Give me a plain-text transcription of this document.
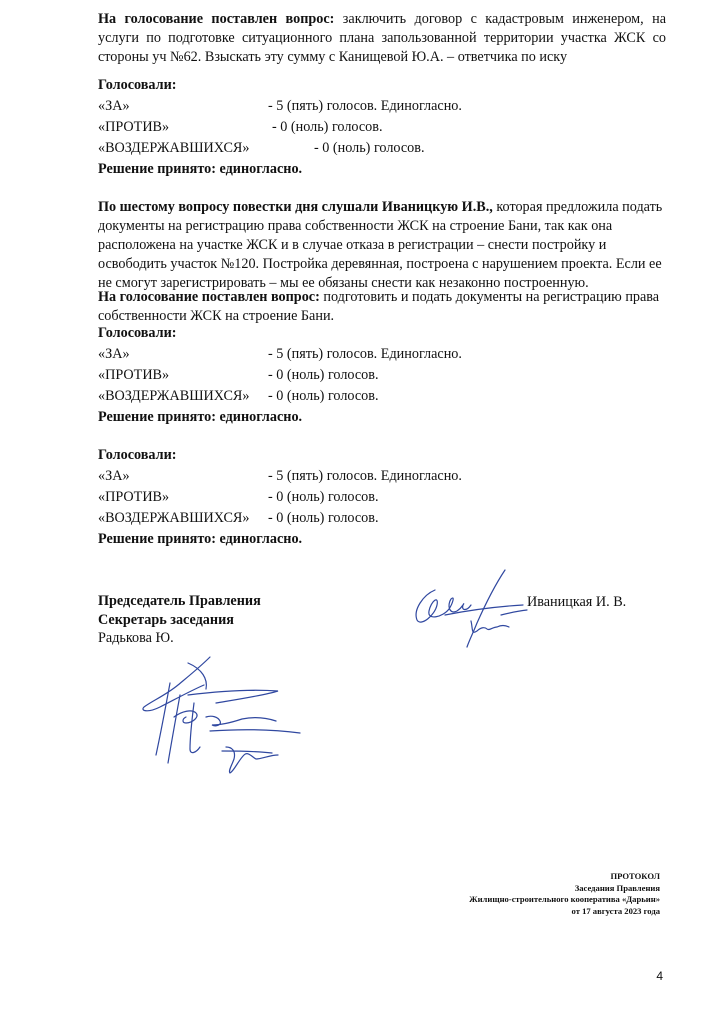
На голосование поставлен вопрос: заключить договор с кадастровым инженером, на услуги по подготовке ситуационного плана запользованной территории участка ЖСК со стороны уч №62. Взыскать эту сумму с Канищевой Ю.А. – ответчика по иску
Голосовали:
«ЗА»	- 5 (пять) голосов. Единогласно.
«ПРОТИВ»	- 0 (ноль) голосов.
«ВОЗДЕРЖАВШИХСЯ»	- 0 (ноль) голосов.
Решение принято: единогласно.
По шестому вопросу повестки дня слушали Иваницкую И.В., которая предложила подать документы на регистрацию права собственности ЖСК на строение Бани, так как она расположена на участке ЖСК и в случае отказа в регистрации – снести постройку и освободить участок №120. Постройка деревянная, построена с нарушением проекта. Если ее не смогут зарегистрировать – мы ее обязаны снести как незаконно построенную.
На голосование поставлен вопрос: подготовить и подать документы на регистрацию права собственности ЖСК на строение Бани.
Голосовали:
«ЗА»	- 5 (пять) голосов. Единогласно.
«ПРОТИВ»	- 0 (ноль) голосов.
«ВОЗДЕРЖАВШИХСЯ» - 0 (ноль) голосов.
Решение принято: единогласно.
Голосовали:
«ЗА»	- 5 (пять) голосов. Единогласно.
«ПРОТИВ»	- 0 (ноль) голосов.
«ВОЗДЕРЖАВШИХСЯ» - 0 (ноль) голосов.
Решение принято: единогласно.
Председатель Правления
Секретарь заседания
Радькова Ю.
Иваницкая И. В.
ПРОТОКОЛ
Заседания Правления
Жилищно-строительного кооператива «Дарьин»
от 17 августа 2023 года
4
